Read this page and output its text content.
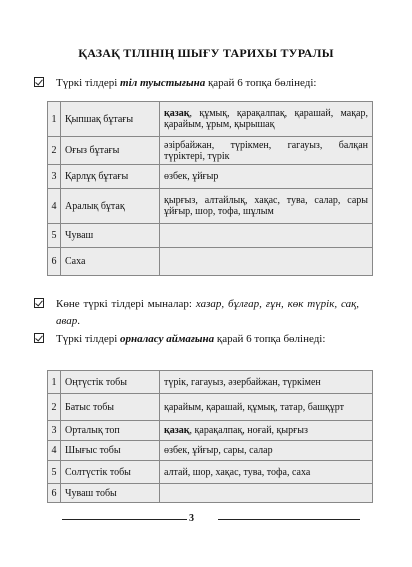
ҚАЗАҚ ТІЛІНІҢ ШЫҒУ ТАРИХЫ ТУРАЛЫ
Түркі тілдері тіл туыстығына қарай 6 топқа бөлінеді:
1	Қыпшақ бұтағы	қазақ, құмық, қарақалпақ, қарашай, мақар, қарайым, ұрым, қырышақ
2	Оғыз бұтағы	әзірбайжан, түрікмен, гагауыз, балқан түріктері, түрік
3	Қарлұқ бұтағы	өзбек, ұйғыр
4	Аралық бұтақ	қырғыз, алтайлық, хақас, тува, салар, сары ұйғыр, шор, тофа, шұлым
5	Чуваш	
6	Саха	
Көне түркі тілдері мыналар: хазар, бұлғар, ғұн, көк түрік, сақ, авар.
Түркі тілдері орналасу аймағына қарай 6 топқа бөлінеді:
1	Оңтүстік тобы	түрік, гагауыз, әзербайжан, түркімен
2	Батыс тобы	қарайым, қарашай, құмық, татар, башқұрт
3	Орталық топ	қазақ, қарақалпақ, ноғай, қырғыз
4	Шығыс тобы	өзбек, ұйғыр, сары, салар
5	Солтүстік тобы	алтай, шор, хақас, тува, тофа, саха
6	Чуваш тобы	
3
